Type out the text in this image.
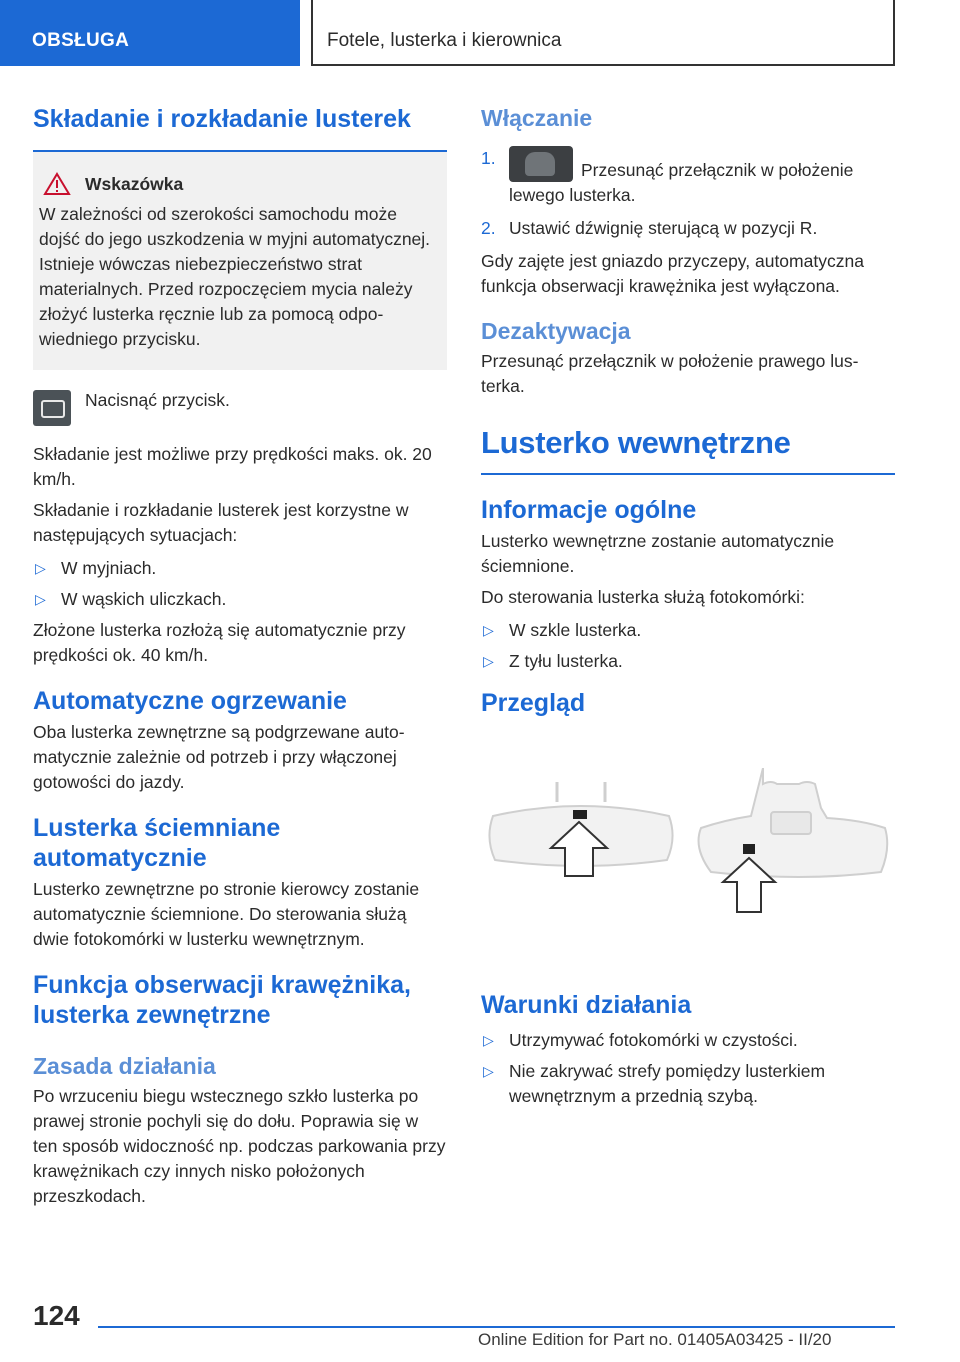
OBSŁUGA	Fotele, lusterka i kierownica
Składanie i rozkładanie lusterek
Wskazówka

W zależności od szerokości samochodu może dojść do jego uszkodzenia w myjni automatycznej. Istnieje wówczas niebezpieczeństwo strat materialnych. Przed rozpoczęciem mycia należy złożyć lusterka ręcznie lub za pomocą odpowiedniego przycisku.

Nacisnąć przycisk.

Składanie jest możliwe przy prędkości maks. ok. 20 km/h.

Składanie i rozkładanie lusterek jest korzystne w następujących sytuacjach:

▷ W myjniach.
▷ W wąskich uliczkach.

Złożone lusterka rozłożą się automatycznie przy prędkości ok. 40 km/h.

Automatyczne ogrzewanie

Oba lusterka zewnętrzne są podgrzewane automatycznie zależnie od potrzeb i przy włączonej gotowości do jazdy.

Lusterka ściemniane automatycznie

Lusterko zewnętrzne po stronie kierowcy zostanie automatycznie ściemnione. Do sterowania służą dwie fotokomórki w lusterku wewnętrznym.

Funkcja obserwacji krawężnika, lusterka zewnętrzne
Zasada działania

Po wrzuceniu biegu wstecznego szkło lusterka po prawej stronie pochyli się do dołu. Poprawia się w ten sposób widoczność np. podczas parkowania przy krawężnikach czy innych nisko położonych przeszkodach.

Włączanie
1.
Przesunąć przełącznik w położenie lewego lusterka.
2. Ustawić dźwignię sterującą w pozycji R.

Gdy zajęte jest gniazdo przyczepy, automatyczna funkcja obserwacji krawężnika jest wyłączona.

Dezaktywacja

Przesunąć przełącznik w położenie prawego lusterka.

Lusterko wewnętrzne
Informacje ogólne

Lusterko wewnętrzne zostanie automatycznie ściemnione.

Do sterowania lusterka służą fotokomórki:

▷ W szkle lusterka.
▷ Z tyłu lusterka.
Przegląd
Warunki działania
▷ Utrzymywać fotokomórki w czystości.
▷ Nie zakrywać strefy pomiędzy lusterkiem wewnętrznym a przednią szybą.
124
Online Edition for Part no. 01405A03425 - II/20
